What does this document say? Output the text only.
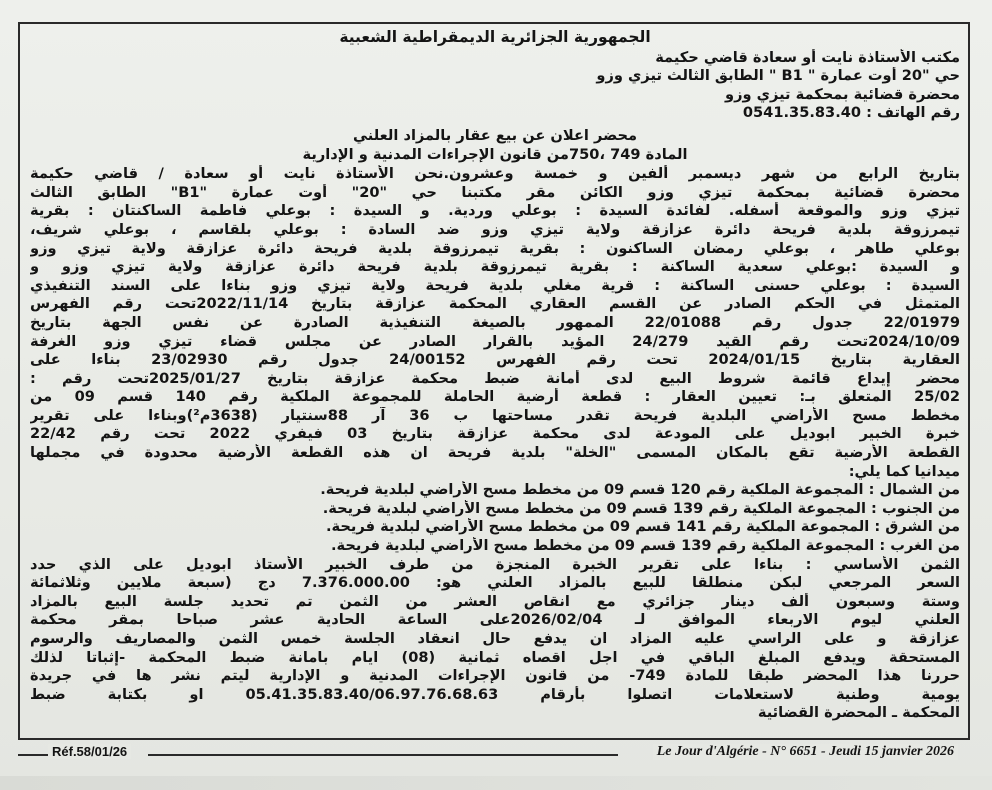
الجمهورية الجزائرية الديمقراطية الشعبية
مكتب الأستاذة نايت أو سعادة قاضي حكيمة
حي "20 أوت عمارة " B1 " الطابق الثالث تيزي وزو
محضرة قضائية بمحكمة تيزي وزو
رقم الهاتف : 0541.35.83.40
محضر اعلان عن بيع عقار بالمزاد العلني
المادة 749 ،750من قانون الإجراءات المدنية و الإدارية
بتاريخ الرابع من شهر ديسمبر ألفين و خمسة وعشرون.نحن الأستاذة نايت أو سعادة / قاضي حكيمة
محضرة قضائية بمحكمة تيزي وزو الكائن مقر مكتبنا حي "20" أوت عمارة "B1" الطابق الثالث
تيزي وزو والموقعة أسفله. لفائدة السيدة : بوعلي وردية. و السيدة : بوعلي فاطمة الساكنتان : بقرية
تيمرزوقة بلدية فريحة دائرة عزازقة ولاية تيزي وزو ضد السادة : بوعلي بلقاسم ، بوعلي شريف،
بوعلي طاهر ، بوعلي رمضان الساكنون : بقرية تيمرزوقة بلدية فريحة دائرة عزازقة ولاية تيزي وزو
و السيدة :بوعلي سعدية الساكنة : بقرية تيمرزوقة بلدية فريحة دائرة عزازقة ولاية تيزي وزو و
السيدة : بوعلي حسنى الساكنة : قرية مغلي بلدية فريحة ولاية تيزي وزو بناءا على السند التنفيذي
المتمثل في الحكم الصادر عن القسم العقاري المحكمة عزازقة بتاريخ 2022/11/14تحت رقم الفهرس
22/01979 جدول رقم 22/01088 الممهور بالصيغة التنفيذية الصادرة عن نفس الجهة بتاريخ
2024/10/09تحت رقم القيد 24/279 المؤيد بالقرار الصادر عن مجلس قضاء تيزي وزو الغرفة
العقارية بتاريخ 2024/01/15 تحت رقم الفهرس 24/00152 جدول رقم 23/02930 بناءا على
محضر إيداع قائمة شروط البيع لدى أمانة ضبط محكمة عزازقة بتاريخ 2025/01/27تحت رقم :
25/02 المتعلق بـ: تعيين العقار : قطعة أرضية الحاملة للمجموعة الملكية رقم 140 قسم 09 من
مخطط مسح الأراضي البلدية فريحة تقدر مساحتها ب 36 آر 88سنتيار (3638م²)وبناءا على تقرير
خبرة الخبير ابوديل على المودعة لدى محكمة عزازقة بتاريخ 03 فيفري 2022 تحت رقم 22/42
القطعة الأرضية تقع بالمكان المسمى "الخلة" بلدية فريحة ان هذه القطعة الأرضية محدودة في مجملها
ميدانيا كما يلي:
من الشمال : المجموعة الملكية رقم 120 قسم 09 من مخطط مسح الأراضي لبلدية فريحة.
من الجنوب : المجموعة الملكية رقم 139 قسم 09 من مخطط مسح الأراضي لبلدية فريحة.
من الشرق : المجموعة الملكية رقم 141 قسم 09 من مخطط مسح الأراضي لبلدية فريحة.
من الغرب : المجموعة الملكية رقم 139 قسم 09 من مخطط مسح الأراضي لبلدية فريحة.
الثمن الأساسي : بناءا على تقرير الخبرة المنجزة من طرف الخبير الأستاذ ابوديل على الذي حدد
السعر المرجعي لبكن منطلقا للبيع بالمزاد العلني هو: 7.376.000.00 دج (سبعة ملايين وثلاثمائة
وستة وسبعون ألف دينار جزائري مع انقاص العشر من الثمن تم تحديد جلسة البيع بالمزاد
العلني ليوم الاربعاء الموافق لـ 2026/02/04على الساعة الحادية عشر صباحا بمقر محكمة
عزازقة و على الراسي عليه المزاد ان يدفع حال انعقاد الجلسة خمس الثمن والمصاريف والرسوم
المستحقة ويدفع المبلغ الباقي في اجل اقصاه ثمانية (08) ايام بامانة ضبط المحكمة -إثباتا لذلك
حررنا هذا المحضر طبقا للمادة 749- من قانون الإجراءات المدنية و الإدارية ليتم نشر ها في جريدة
يومية وطنية لاستعلامات اتصلوا بأرقام 05.41.35.83.40/06.97.76.68.63 او بكتابة ضبط
المحكمة ـ المحضرة القضائية
Réf.58/01/26	Le Jour d'Algérie - N° 6651 - Jeudi 15 janvier 2026
